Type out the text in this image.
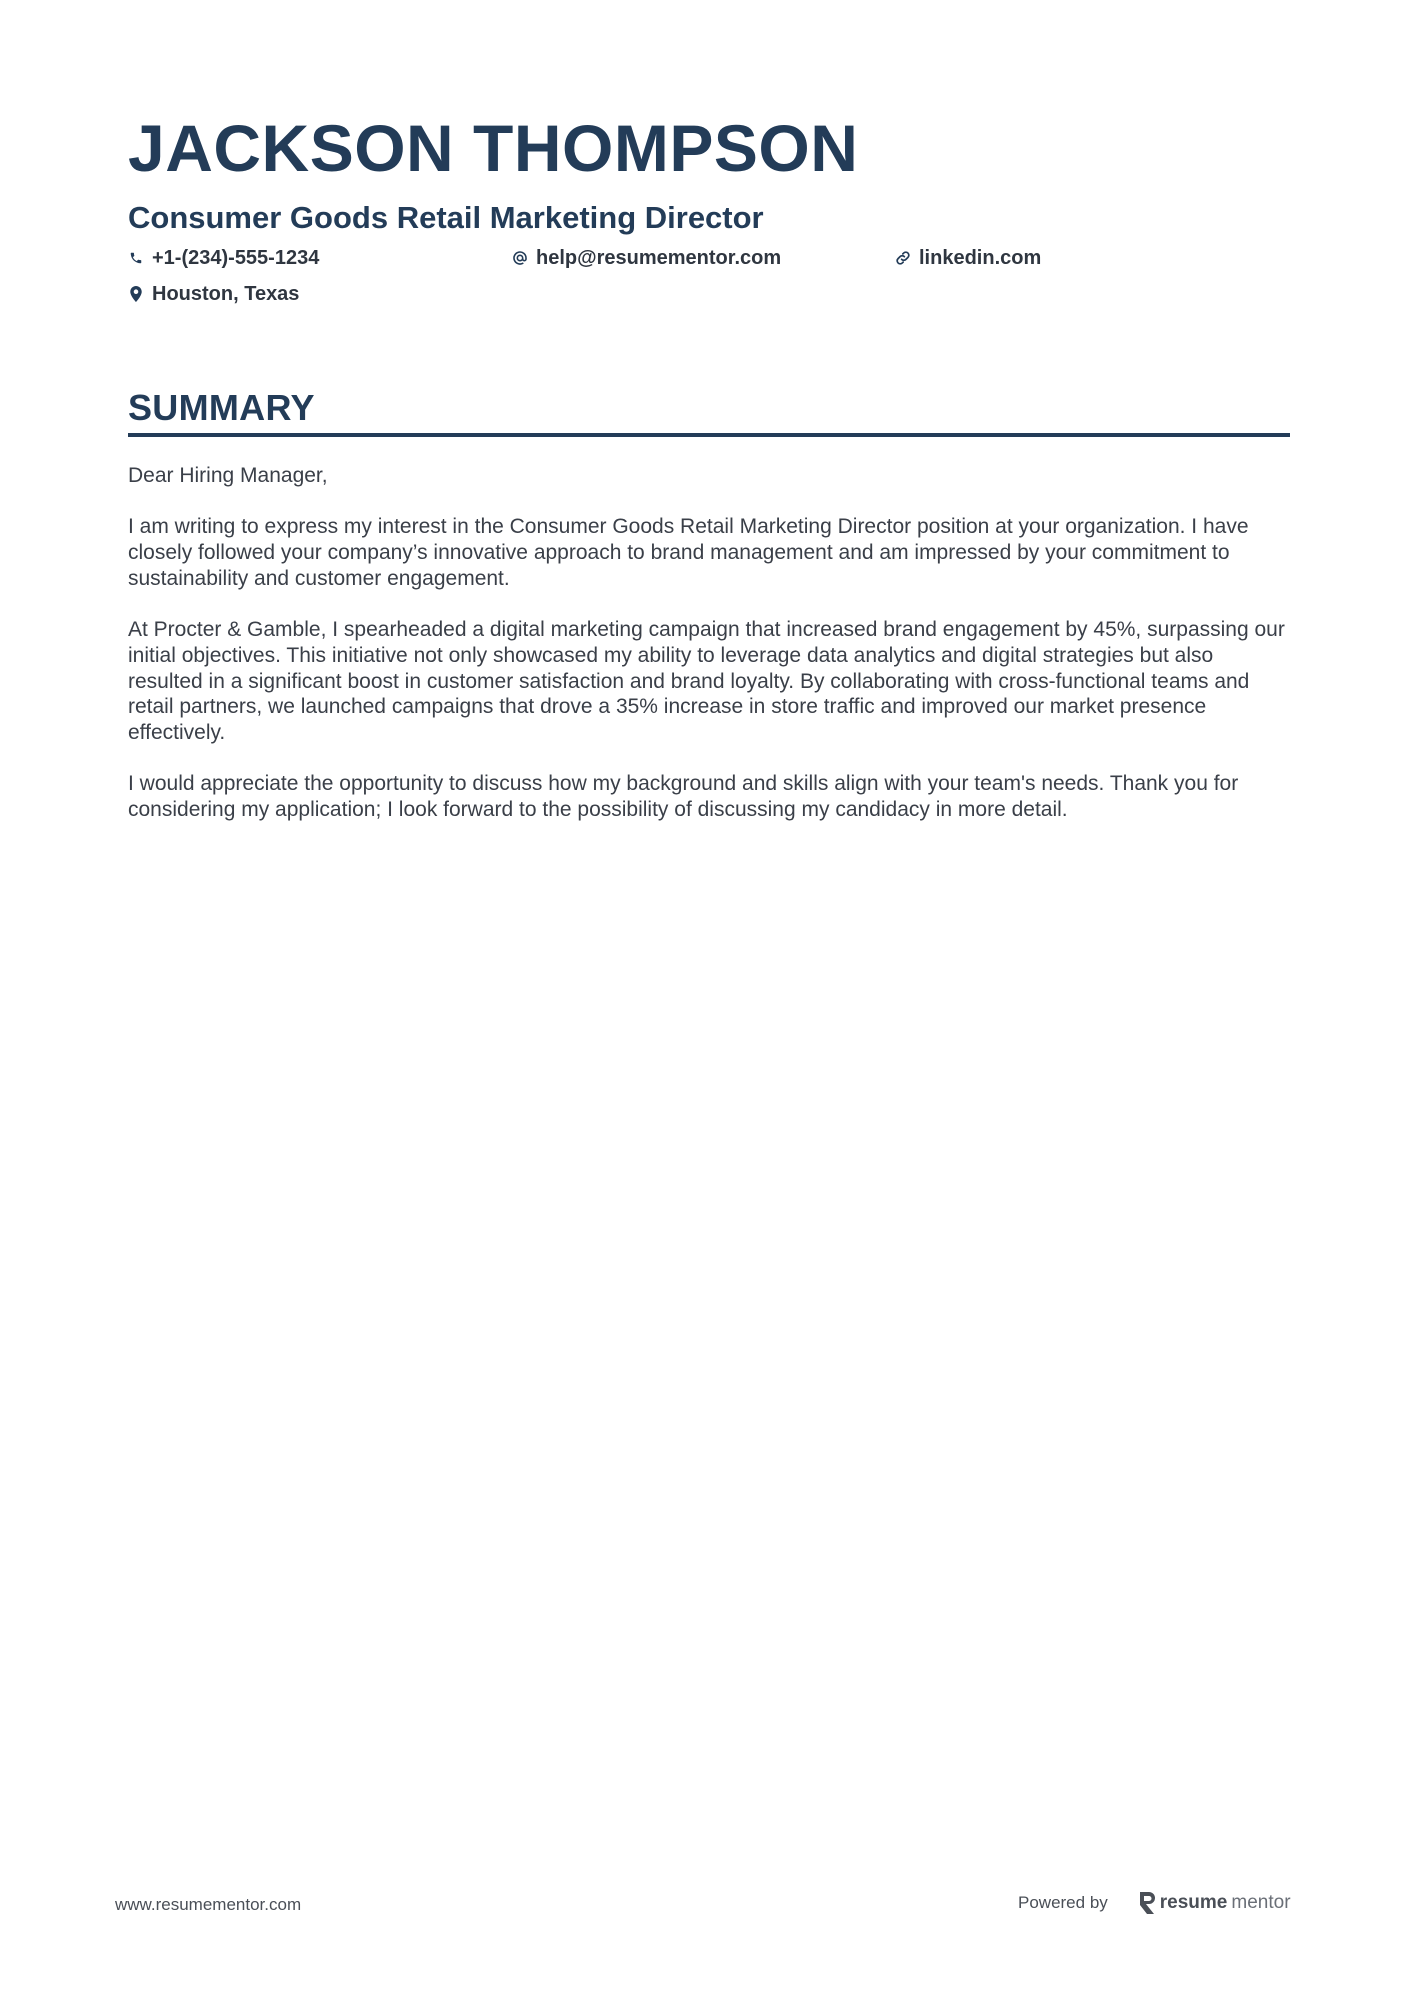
JACKSON THOMPSON
Consumer Goods Retail Marketing Director
+1-(234)-555-1234	help@resumementor.com	linkedin.com
Houston, Texas
SUMMARY

Dear Hiring Manager,

I am writing to express my interest in the Consumer Goods Retail Marketing Director position at your organization. I have closely followed your company’s innovative approach to brand management and am impressed by your commitment to sustainability and customer engagement.

At Procter & Gamble, I spearheaded a digital marketing campaign that increased brand engagement by 45%, surpassing our initial objectives. This initiative not only showcased my ability to leverage data analytics and digital strategies but also resulted in a significant boost in customer satisfaction and brand loyalty. By collaborating with cross-functional teams and retail partners, we launched campaigns that drove a 35% increase in store traffic and improved our market presence effectively.

I would appreciate the opportunity to discuss how my background and skills align with your team's needs. Thank you for considering my application; I look forward to the possibility of discussing my candidacy in more detail.

www.resumementor.com	Powered by	resume mentor
